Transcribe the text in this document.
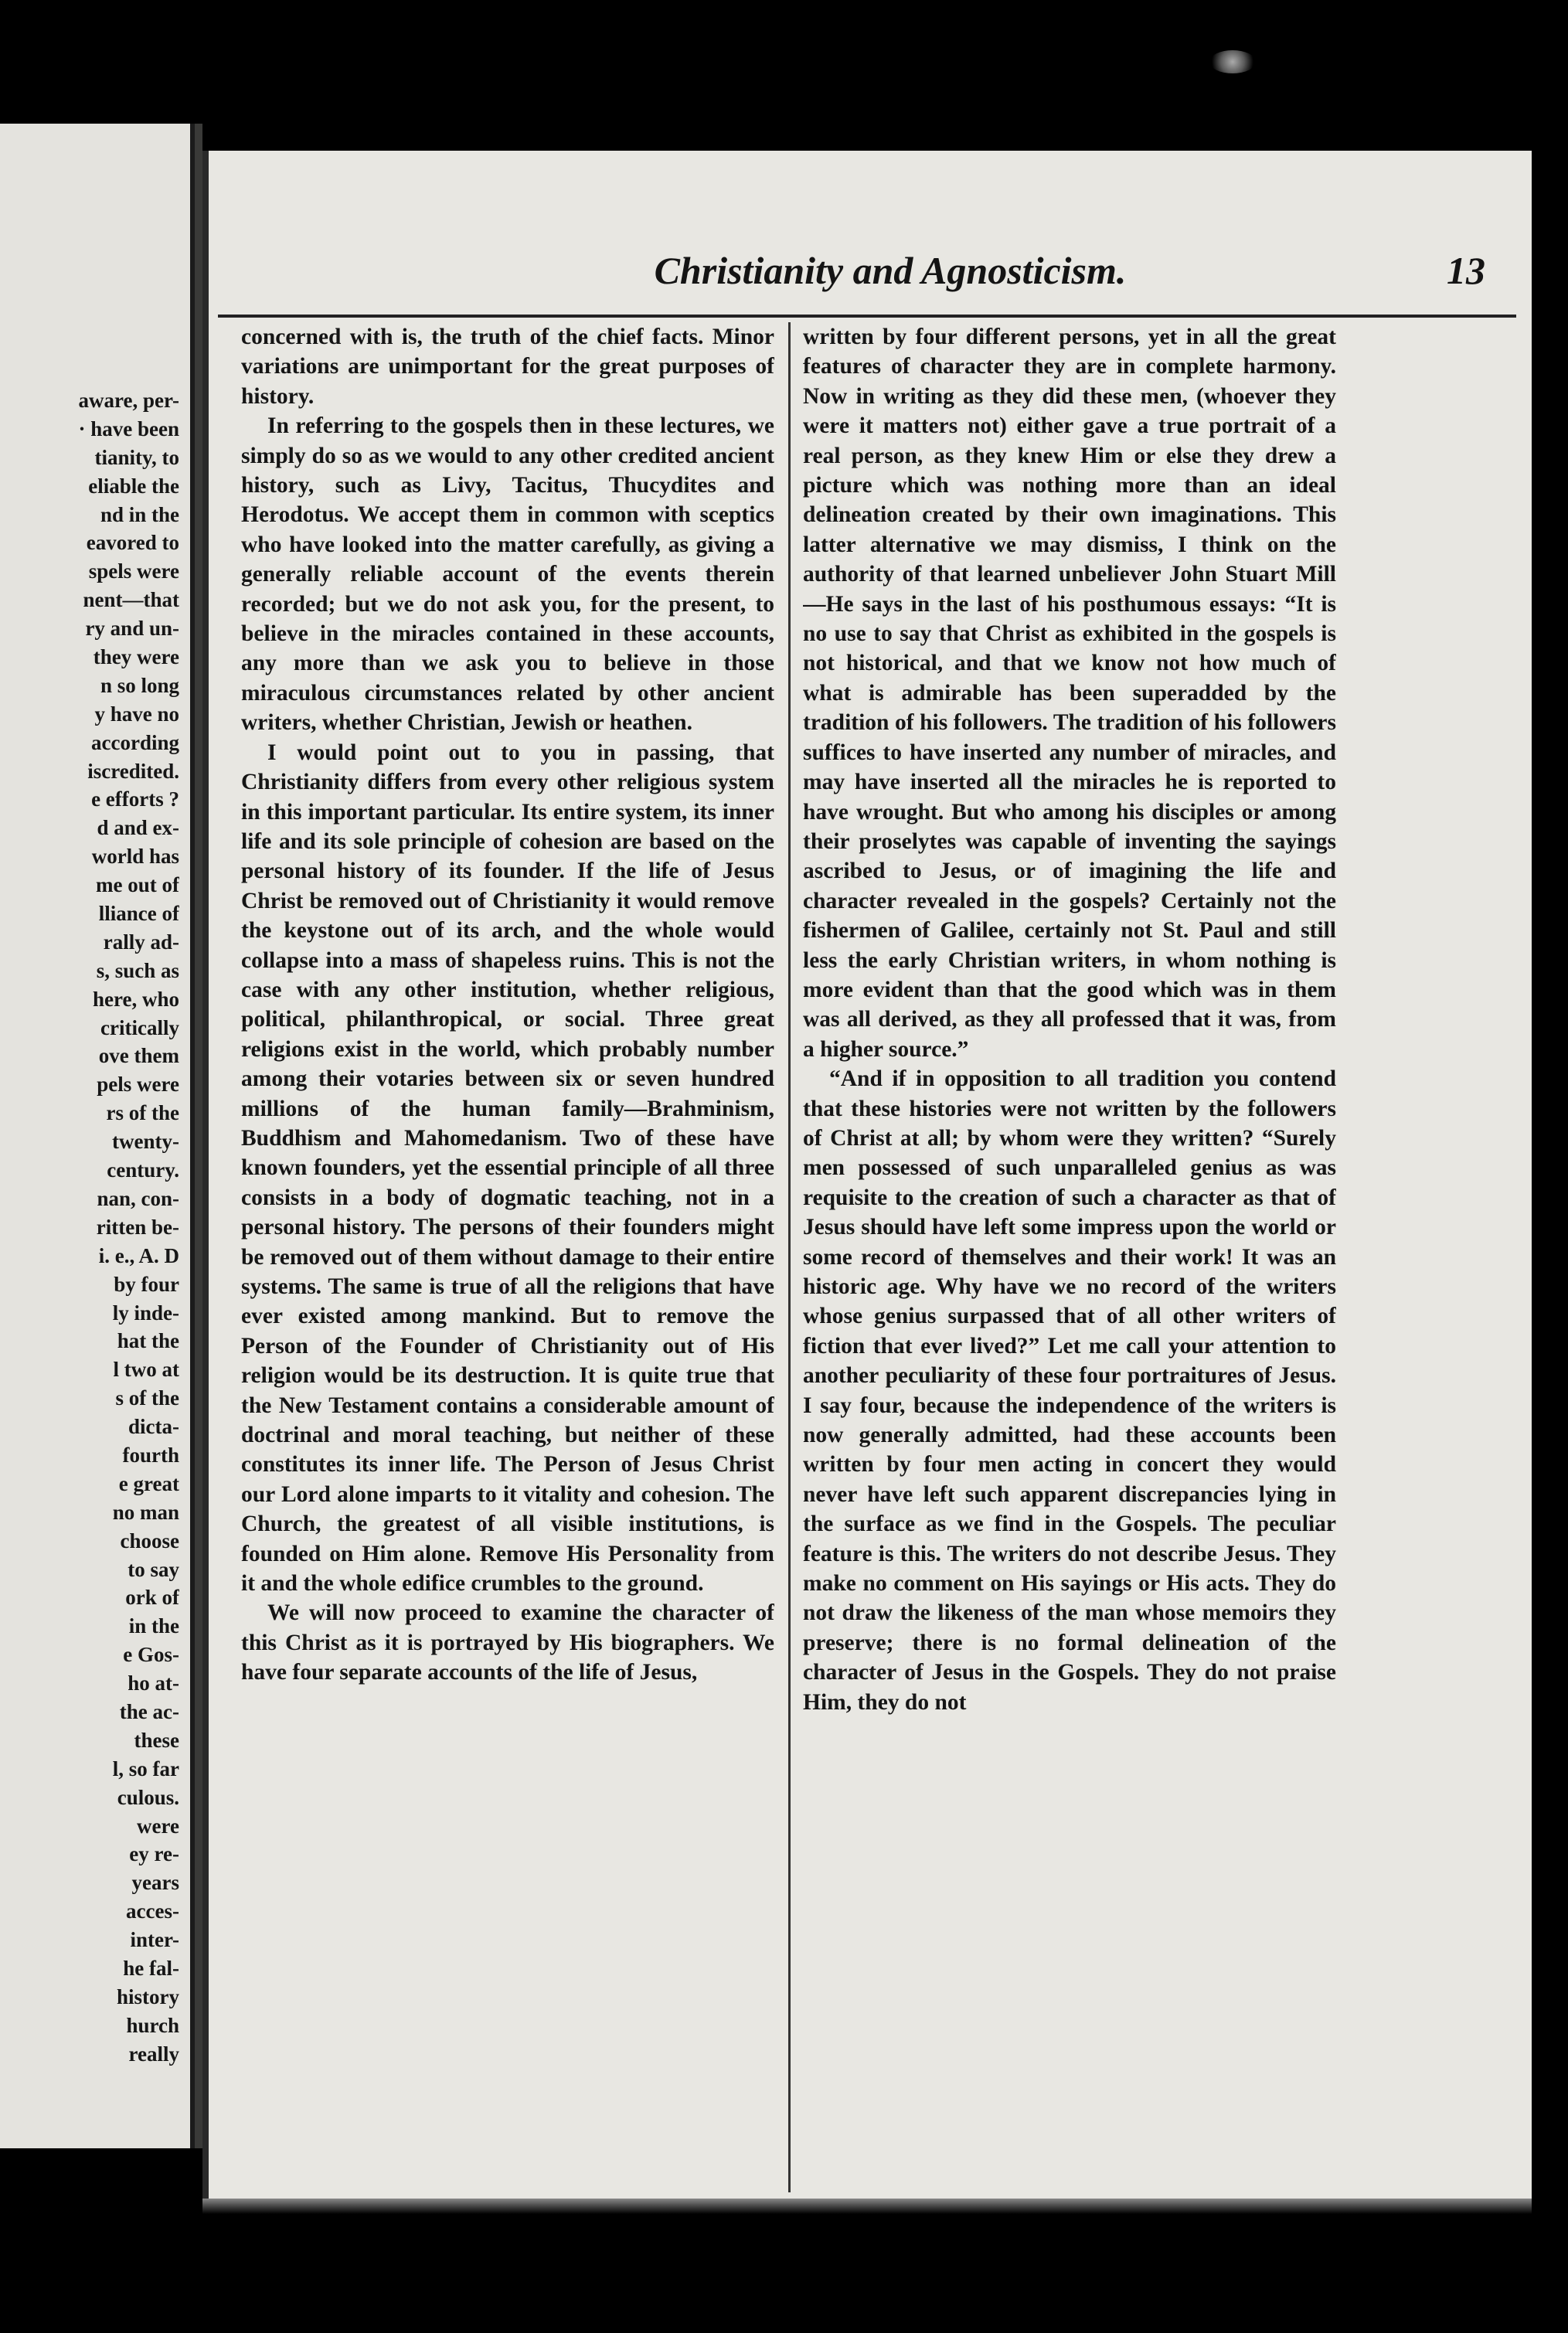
aware, per-
· have been
tianity, to
eliable the
nd in the
eavored to
spels were
nent—that
ry and un-
they were
n so long
y have no
according
iscredited.
e efforts ?
d and ex-
world has
me out of
lliance of
rally ad-
s, such as
here, who
critically
ove them
pels were
rs of the
twenty-
century.
nan, con-
ritten be-
i. e., A. D
by four
ly inde-
hat the
l two at
s of the
dicta-
fourth
e great
no man
choose
to say
ork of
in the
e Gos-
ho at-
the ac-
these
l, so far
culous.
were
ey re-
years
acces-
inter-
he fal-
history
hurch
really
Christianity and Agnosticism.	13

concerned with is, the truth of the chief facts. Minor variations are unimportant for the great purposes of history.

In referring to the gospels then in these lectures, we simply do so as we would to any other credited ancient history, such as Livy, Tacitus, Thucydites and Herodotus. We accept them in common with sceptics who have looked into the matter carefully, as giving a generally reliable account of the events therein recorded; but we do not ask you, for the present, to believe in the miracles contained in these accounts, any more than we ask you to believe in those miraculous circumstances related by other ancient writers, whether Christian, Jewish or heathen.

I would point out to you in passing, that Christianity differs from every other religious system in this important particular. Its entire system, its inner life and its sole principle of cohesion are based on the personal history of its founder. If the life of Jesus Christ be removed out of Christianity it would remove the keystone out of its arch, and the whole would collapse into a mass of shapeless ruins. This is not the case with any other institution, whether religious, political, philanthropical, or social. Three great religions exist in the world, which probably number among their votaries between six or seven hundred millions of the human family—Brahminism, Buddhism and Mahomedanism. Two of these have known founders, yet the essential principle of all three consists in a body of dogmatic teaching, not in a personal history. The persons of their founders might be removed out of them without damage to their entire systems. The same is true of all the religions that have ever existed among mankind. But to remove the Person of the Founder of Christianity out of His religion would be its destruction. It is quite true that the New Testament contains a considerable amount of doctrinal and moral teaching, but neither of these constitutes its inner life. The Person of Jesus Christ our Lord alone imparts to it vitality and cohesion. The Church, the greatest of all visible institutions, is founded on Him alone. Remove His Personality from it and the whole edifice crumbles to the ground.

We will now proceed to examine the character of this Christ as it is portrayed by His biographers. We have four separate accounts of the life of Jesus,

written by four different persons, yet in all the great features of character they are in complete harmony. Now in writing as they did these men, (whoever they were it matters not) either gave a true portrait of a real person, as they knew Him or else they drew a picture which was nothing more than an ideal delineation created by their own imaginations. This latter alternative we may dismiss, I think on the authority of that learned unbeliever John Stuart Mill—He says in the last of his posthumous essays: “It is no use to say that Christ as exhibited in the gospels is not historical, and that we know not how much of what is admirable has been superadded by the tradition of his followers. The tradition of his followers suffices to have inserted any number of miracles, and may have inserted all the miracles he is reported to have wrought. But who among his disciples or among their proselytes was capable of inventing the sayings ascribed to Jesus, or of imagining the life and character revealed in the gospels? Certainly not the fishermen of Galilee, certainly not St. Paul and still less the early Christian writers, in whom nothing is more evident than that the good which was in them was all derived, as they all professed that it was, from a higher source.”

“And if in opposition to all tradition you contend that these histories were not written by the followers of Christ at all; by whom were they written? “Surely men possessed of such unparalleled genius as was requisite to the creation of such a character as that of Jesus should have left some impress upon the world or some record of themselves and their work! It was an historic age. Why have we no record of the writers whose genius surpassed that of all other writers of fiction that ever lived?” Let me call your attention to another peculiarity of these four portraitures of Jesus. I say four, because the independence of the writers is now generally admitted, had these accounts been written by four men acting in concert they would never have left such apparent discrepancies lying in the surface as we find in the Gospels. The peculiar feature is this. The writers do not describe Jesus. They make no comment on His sayings or His acts. They do not draw the likeness of the man whose memoirs they preserve; there is no formal delineation of the character of Jesus in the Gospels. They do not praise Him, they do not
